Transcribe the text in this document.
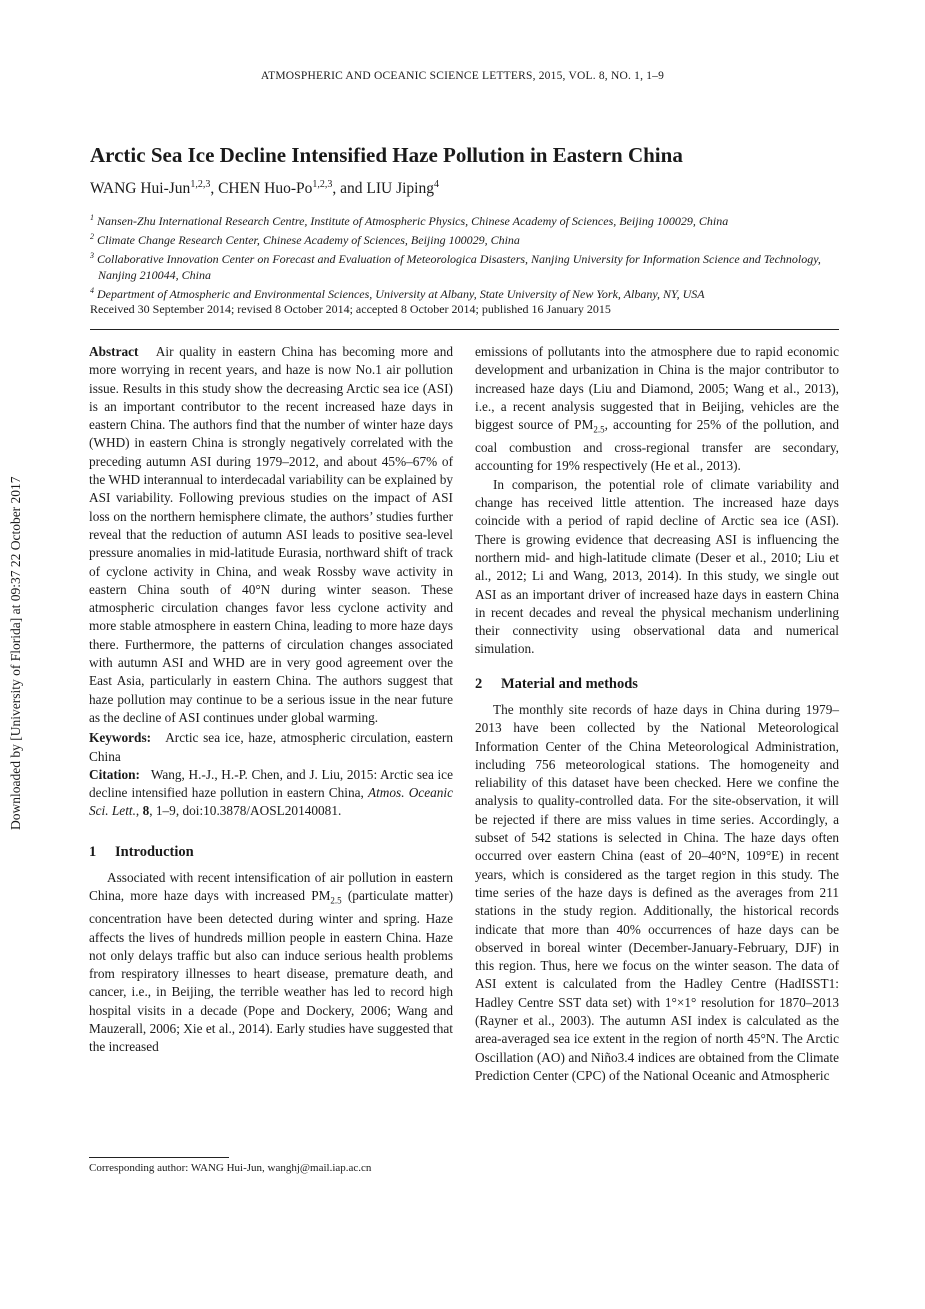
ATMOSPHERIC AND OCEANIC SCIENCE LETTERS, 2015, VOL. 8, NO. 1, 1–9
Arctic Sea Ice Decline Intensified Haze Pollution in Eastern China
WANG Hui-Jun$^{1,2,3}$, CHEN Huo-Po$^{1,2,3}$, and LIU Jiping$^4$
$^1$ Nansen-Zhu International Research Centre, Institute of Atmospheric Physics, Chinese Academy of Sciences, Beijing 100029, China
$^2$ Climate Change Research Center, Chinese Academy of Sciences, Beijing 100029, China
$^3$ Collaborative Innovation Center on Forecast and Evaluation of Meteorologica Disasters, Nanjing University for Information Science and Technology, Nanjing 210044, China
$^4$ Department of Atmospheric and Environmental Sciences, University at Albany, State University of New York, Albany, NY, USA
Received 30 September 2014; revised 8 October 2014; accepted 8 October 2014; published 16 January 2015
Downloaded by [University of Florida] at 09:37 22 October 2017

Abstract Air quality in eastern China has becoming more and more worrying in recent years, and haze is now No.1 air pollution issue. Results in this study show the decreasing Arctic sea ice (ASI) is an important contributor to the recent increased haze days in eastern China. The authors find that the number of winter haze days (WHD) in eastern China is strongly negatively correlated with the preceding autumn ASI during 1979–2012, and about 45%–67% of the WHD interannual to interdecadal variability can be explained by ASI variability. Following previous studies on the impact of ASI loss on the northern hemisphere climate, the authors’ studies further reveal that the reduction of autumn ASI leads to positive sea-level pressure anomalies in mid-latitude Eurasia, northward shift of track of cyclone activity in China, and weak Rossby wave activity in eastern China south of 40°N during winter season. These atmospheric circulation changes favor less cyclone activity and more stable atmosphere in eastern China, leading to more haze days there. Furthermore, the patterns of circulation changes associated with autumn ASI and WHD are in very good agreement over the East Asia, particularly in eastern China. The authors suggest that haze pollution may continue to be a serious issue in the near future as the decline of ASI continues under global warming.

Keywords: Arctic sea ice, haze, atmospheric circulation, eastern China

Citation: Wang, H.-J., H.-P. Chen, and J. Liu, 2015: Arctic sea ice decline intensified haze pollution in eastern China, Atmos. Oceanic Sci. Lett., 8, 1–9, doi:10.3878/AOSL20140081.

1 Introduction

Associated with recent intensification of air pollution in eastern China, more haze days with increased $PM_{2.5}$ (particulate matter) concentration have been detected during winter and spring. Haze affects the lives of hundreds million people in eastern China. Haze not only delays traffic but also can induce serious health problems from respiratory illnesses to heart disease, premature death, and cancer, i.e., in Beijing, the terrible weather has led to record high hospital visits in a decade (Pope and Dockery, 2006; Wang and Mauzerall, 2006; Xie et al., 2014). Early studies have suggested that the increased

emissions of pollutants into the atmosphere due to rapid economic development and urbanization in China is the major contributor to increased haze days (Liu and Diamond, 2005; Wang et al., 2013), i.e., a recent analysis suggested that in Beijing, vehicles are the biggest source of $PM_{2.5}$, accounting for 25% of the pollution, and coal combustion and cross-regional transfer are secondary, accounting for 19% respectively (He et al., 2013).

In comparison, the potential role of climate variability and change has received little attention. The increased haze days coincide with a period of rapid decline of Arctic sea ice (ASI). There is growing evidence that decreasing ASI is influencing the northern mid- and high-latitude climate (Deser et al., 2010; Liu et al., 2012; Li and Wang, 2013, 2014). In this study, we single out ASI as an important driver of increased haze days in eastern China in recent decades and reveal the physical mechanism underlining their connectivity using observational data and numerical simulation.

2 Material and methods

The monthly site records of haze days in China during 1979–2013 have been collected by the National Meteorological Information Center of the China Meteorological Administration, including 756 meteorological stations. The homogeneity and reliability of this dataset have been checked. Here we confine the analysis to quality-controlled data. For the site-observation, it will be rejected if there are miss values in time series. Accordingly, a subset of 542 stations is selected in China. The haze days often occurred over eastern China (east of 20–40°N, 109°E) in recent years, which is considered as the target region in this study. The time series of the haze days is defined as the averages from 211 stations in the study region. Additionally, the historical records indicate that more than 40% occurrences of haze days can be observed in boreal winter (December-January-February, DJF) in this region. Thus, here we focus on the winter season. The data of ASI extent is calculated from the Hadley Centre (HadISST1: Hadley Centre SST data set) with 1°×1° resolution for 1870–2013 (Rayner et al., 2003). The autumn ASI index is calculated as the area-averaged sea ice extent in the region of north 45°N. The Arctic Oscillation (AO) and Niño3.4 indices are obtained from the Climate Prediction Center (CPC) of the National Oceanic and Atmospheric

Corresponding author: WANG Hui-Jun, wanghj@mail.iap.ac.cn
